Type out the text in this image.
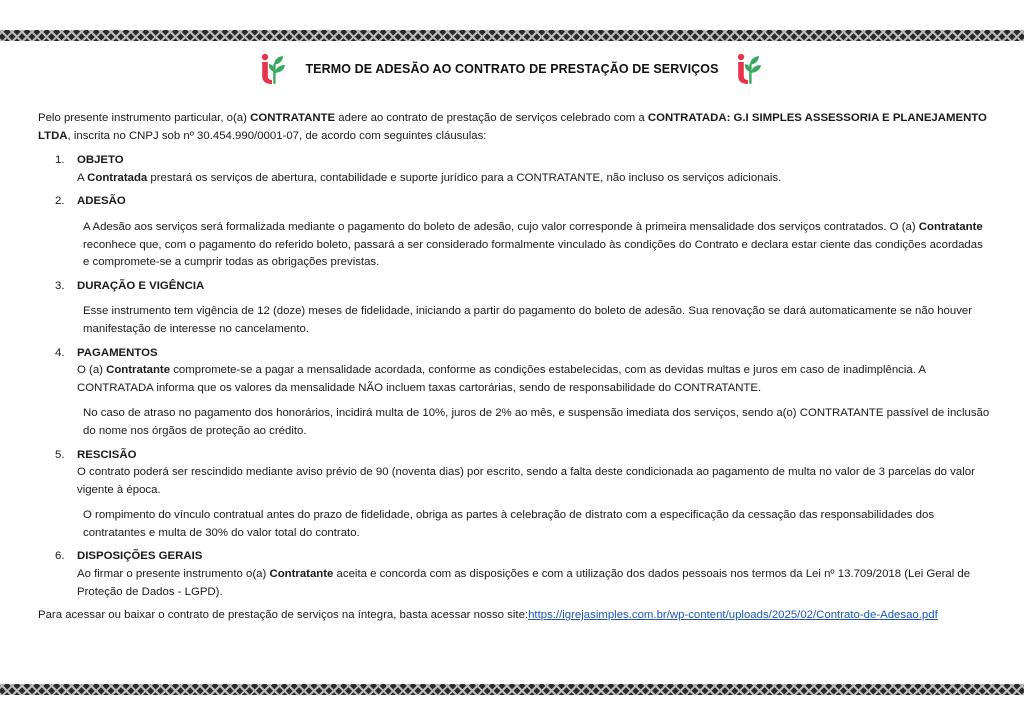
TERMO DE ADESÃO AO CONTRATO DE PRESTAÇÃO DE SERVIÇOS

Pelo presente instrumento particular, o(a) CONTRATANTE adere ao contrato de prestação de serviços celebrado com a CONTRATADA: G.I SIMPLES ASSESSORIA E PLANEJAMENTO LTDA, inscrita no CNPJ sob nº 30.454.990/0001-07, de acordo com seguintes cláusulas:

1. OBJETO

A Contratada prestará os serviços de abertura, contabilidade e suporte jurídico para a CONTRATANTE, não incluso os serviços adicionais.

2. ADESÃO

A Adesão aos serviços será formalizada mediante o pagamento do boleto de adesão, cujo valor corresponde à primeira mensalidade dos serviços contratados. O (a) Contratante reconhece que, com o pagamento do referido boleto, passará a ser considerado formalmente vinculado às condições do Contrato e declara estar ciente das condições acordadas e compromete-se a cumprir todas as obrigações previstas.

3. DURAÇÃO E VIGÊNCIA

Esse instrumento tem vigência de 12 (doze) meses de fidelidade, iniciando a partir do pagamento do boleto de adesão. Sua renovação se dará automaticamente se não houver manifestação de interesse no cancelamento.

4. PAGAMENTOS

O (a) Contratante compromete-se a pagar a mensalidade acordada, conforme as condições estabelecidas, com as devidas multas e juros em caso de inadimplência. A CONTRATADA informa que os valores da mensalidade NÃO incluem taxas cartorárias, sendo de responsabilidade do CONTRATANTE.

No caso de atraso no pagamento dos honorários, incidirá multa de 10%, juros de 2% ao mês, e suspensão imediata dos serviços, sendo a(o) CONTRATANTE passível de inclusão do nome nos órgãos de proteção ao crédito.

5. RESCISÃO

O contrato poderá ser rescindido mediante aviso prévio de 90 (noventa dias) por escrito, sendo a falta deste condicionada ao pagamento de multa no valor de 3 parcelas do valor vigente à época.

O rompimento do vínculo contratual antes do prazo de fidelidade, obriga as partes à celebração de distrato com a especificação da cessação das responsabilidades dos contratantes e multa de 30% do valor total do contrato.

6. DISPOSIÇÕES GERAIS

Ao firmar o presente instrumento o(a) Contratante aceita e concorda com as disposições e com a utilização dos dados pessoais nos termos da Lei nº 13.709/2018 (Lei Geral de Proteção de Dados - LGPD).

Para acessar ou baixar o contrato de prestação de serviços na íntegra, basta acessar nosso site:https://igrejasimples.com.br/wp-content/uploads/2025/02/Contrato-de-Adesao.pdf
